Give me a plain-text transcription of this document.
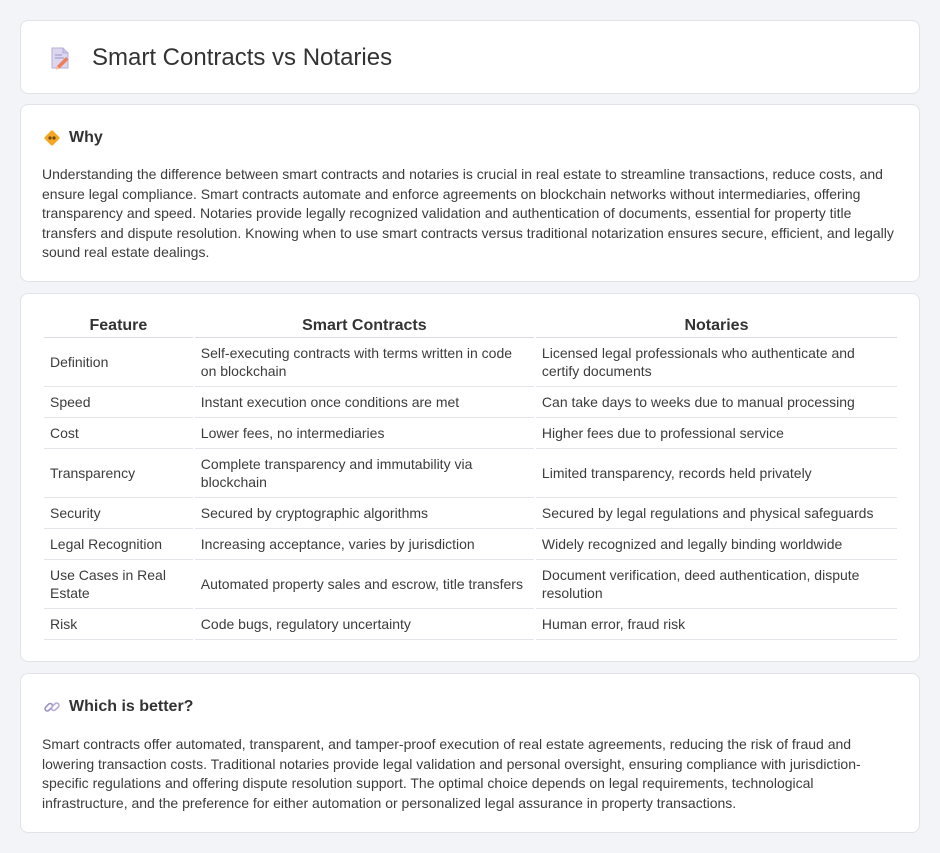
Smart Contracts vs Notaries
Why

Understanding the difference between smart contracts and notaries is crucial in real estate to streamline transactions, reduce costs, and ensure legal compliance. Smart contracts automate and enforce agreements on blockchain networks without intermediaries, offering transparency and speed. Notaries provide legally recognized validation and authentication of documents, essential for property title transfers and dispute resolution. Knowing when to use smart contracts versus traditional notarization ensures secure, efficient, and legally sound real estate dealings.

Feature	Smart Contracts	Notaries
Definition	Self-executing contracts with terms written in code on blockchain	Licensed legal professionals who authenticate and certify documents
Speed	Instant execution once conditions are met	Can take days to weeks due to manual processing
Cost	Lower fees, no intermediaries	Higher fees due to professional service
Transparency	Complete transparency and immutability via blockchain	Limited transparency, records held privately
Security	Secured by cryptographic algorithms	Secured by legal regulations and physical safeguards
Legal Recognition	Increasing acceptance, varies by jurisdiction	Widely recognized and legally binding worldwide
Use Cases in Real Estate	Automated property sales and escrow, title transfers	Document verification, deed authentication, dispute resolution
Risk	Code bugs, regulatory uncertainty	Human error, fraud risk
Which is better?

Smart contracts offer automated, transparent, and tamper-proof execution of real estate agreements, reducing the risk of fraud and lowering transaction costs. Traditional notaries provide legal validation and personal oversight, ensuring compliance with jurisdiction-specific regulations and offering dispute resolution support. The optimal choice depends on legal requirements, technological infrastructure, and the preference for either automation or personalized legal assurance in property transactions.
